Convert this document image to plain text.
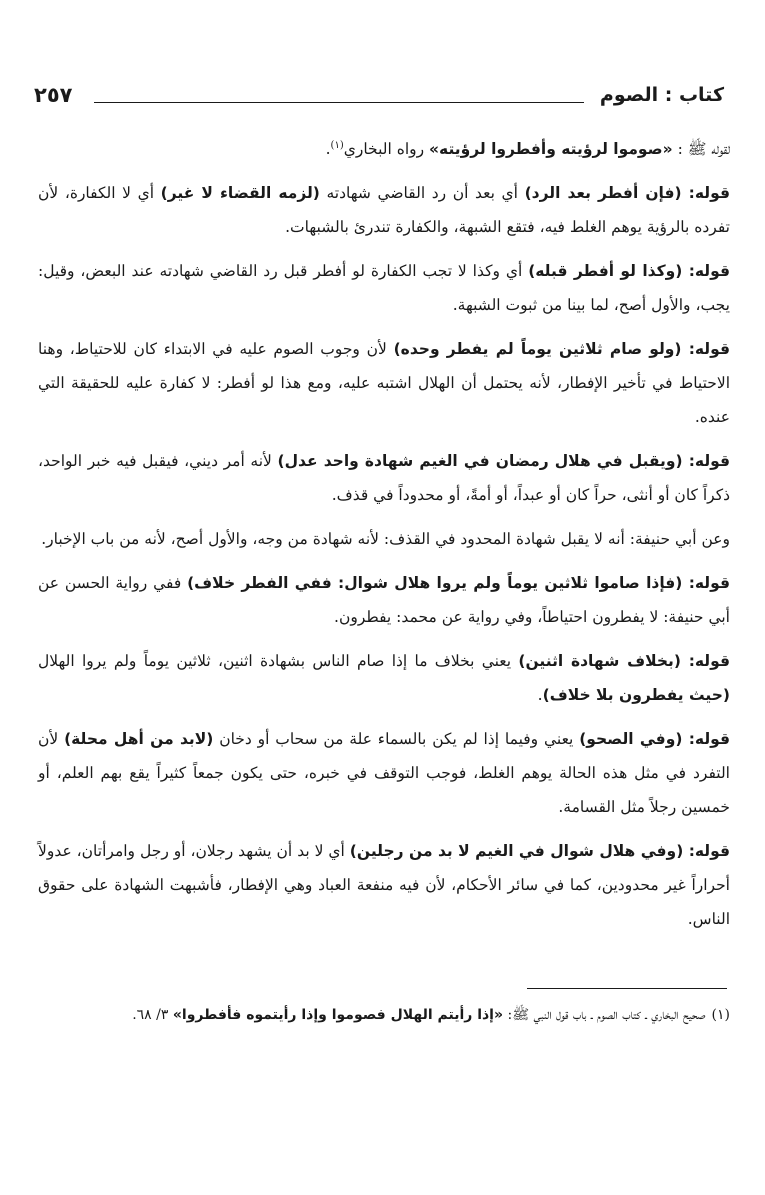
كتاب : الصوم
٢٥٧

لقوله ﷺ : «صوموا لرؤيته وأفطروا لرؤيته» رواه البخاري$^{(١)}$.

قوله: (فإن أفطر بعد الرد) أي بعد أن رد القاضي شهادته (لزمه القضاء لا غير) أي لا الكفارة، لأن تفرده بالرؤية يوهم الغلط فيه، فتقع الشبهة، والكفارة تندرئ بالشبهات.

قوله: (وكذا لو أفطر قبله) أي وكذا لا تجب الكفارة لو أفطر قبل رد القاضي شهادته عند البعض، وقيل: يجب، والأول أصح، لما بينا من ثبوت الشبهة.

قوله: (ولو صام ثلاثين يوماً لم يفطر وحده) لأن وجوب الصوم عليه في الابتداء كان للاحتياط، وهنا الاحتياط في تأخير الإفطار، لأنه يحتمل أن الهلال اشتبه عليه، ومع هذا لو أفطر: لا كفارة عليه للحقيقة التي عنده.

قوله: (ويقبل في هلال رمضان في الغيم شهادة واحد عدل) لأنه أمر ديني، فيقبل فيه خبر الواحد، ذكراً كان أو أنثى، حراً كان أو عبداً، أو أمةً، أو محدوداً في قذف.

وعن أبي حنيفة: أنه لا يقبل شهادة المحدود في القذف: لأنه شهادة من وجه، والأول أصح، لأنه من باب الإخبار.

قوله: (فإذا صاموا ثلاثين يوماً ولم يروا هلال شوال: ففي الفطر خلاف) ففي رواية الحسن عن أبي حنيفة: لا يفطرون احتياطاً، وفي رواية عن محمد: يفطرون.

قوله: (بخلاف شهادة اثنين) يعني بخلاف ما إذا صام الناس بشهادة اثنين، ثلاثين يوماً ولم يروا الهلال (حيث يفطرون بلا خلاف).

قوله: (وفي الصحو) يعني وفيما إذا لم يكن بالسماء علة من سحاب أو دخان (لابد من أهل محلة) لأن التفرد في مثل هذه الحالة يوهم الغلط، فوجب التوقف في خبره، حتى يكون جمعاً كثيراً يقع بهم العلم، أو خمسين رجلاً مثل القسامة.

قوله: (وفي هلال شوال في الغيم لا بد من رجلين) أي لا بد أن يشهد رجلان، أو رجل وامرأتان، عدولاً أحراراً غير محدودين، كما في سائر الأحكام، لأن فيه منفعة العباد وهي الإفطار، فأشبهت الشهادة على حقوق الناس.

(١)صحيح البخاري ـ كتاب الصوم ـ باب قول النبي ﷺ: «إذا رأيتم الهلال فصوموا وإذا رأيتموه فأفطروا» ٣/ ٦٨.
